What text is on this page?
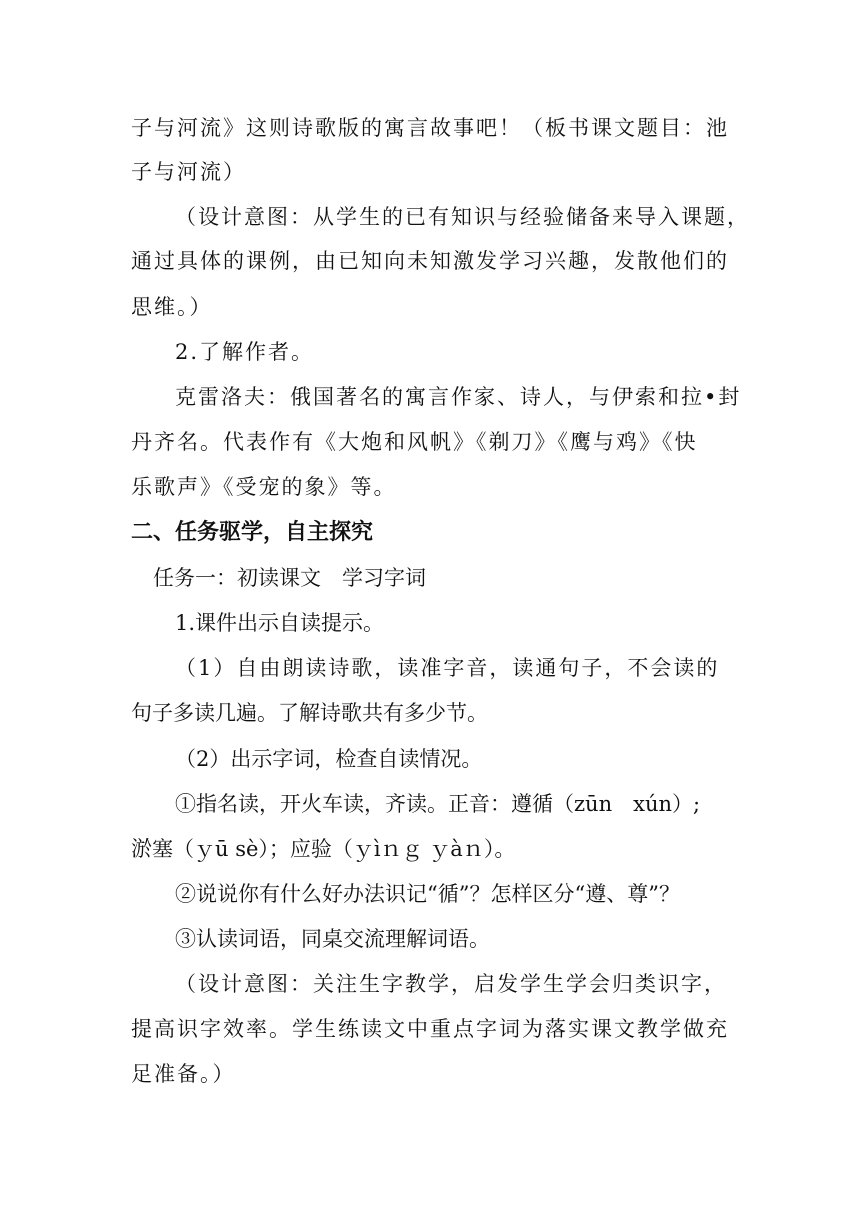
子与河流》这则诗歌版的寓言故事吧！（板书课文题目：池
子与河流）
（设计意图：从学生的已有知识与经验储备来导入课题，
通过具体的课例，由已知向未知激发学习兴趣，发散他们的
思维。）
2.了解作者。
克雷洛夫：俄国著名的寓言作家、诗人，与伊索和拉•封
丹齐名。代表作有《大炮和风帆》《剃刀》《鹰与鸡》《快
乐歌声》《受宠的象》等。
二、任务驱学，自主探究
任务一：初读课文　学习字词
1.课件出示自读提示。
（1）自由朗读诗歌，读准字音，读通句子，不会读的
句子多读几遍。了解诗歌共有多少节。
（2）出示字词，检查自读情况。
①指名读，开火车读，齐读。正音：遵循（zūn　xún）;
淤塞（ｙū sè）；应验（ｙìｎｇ ｙàｎ）。
②说说你有什么好办法识记“循”？怎样区分“遵、尊”？
③认读词语，同桌交流理解词语。
（设计意图：关注生字教学，启发学生学会归类识字，
提高识字效率。学生练读文中重点字词为落实课文教学做充
足准备。）
